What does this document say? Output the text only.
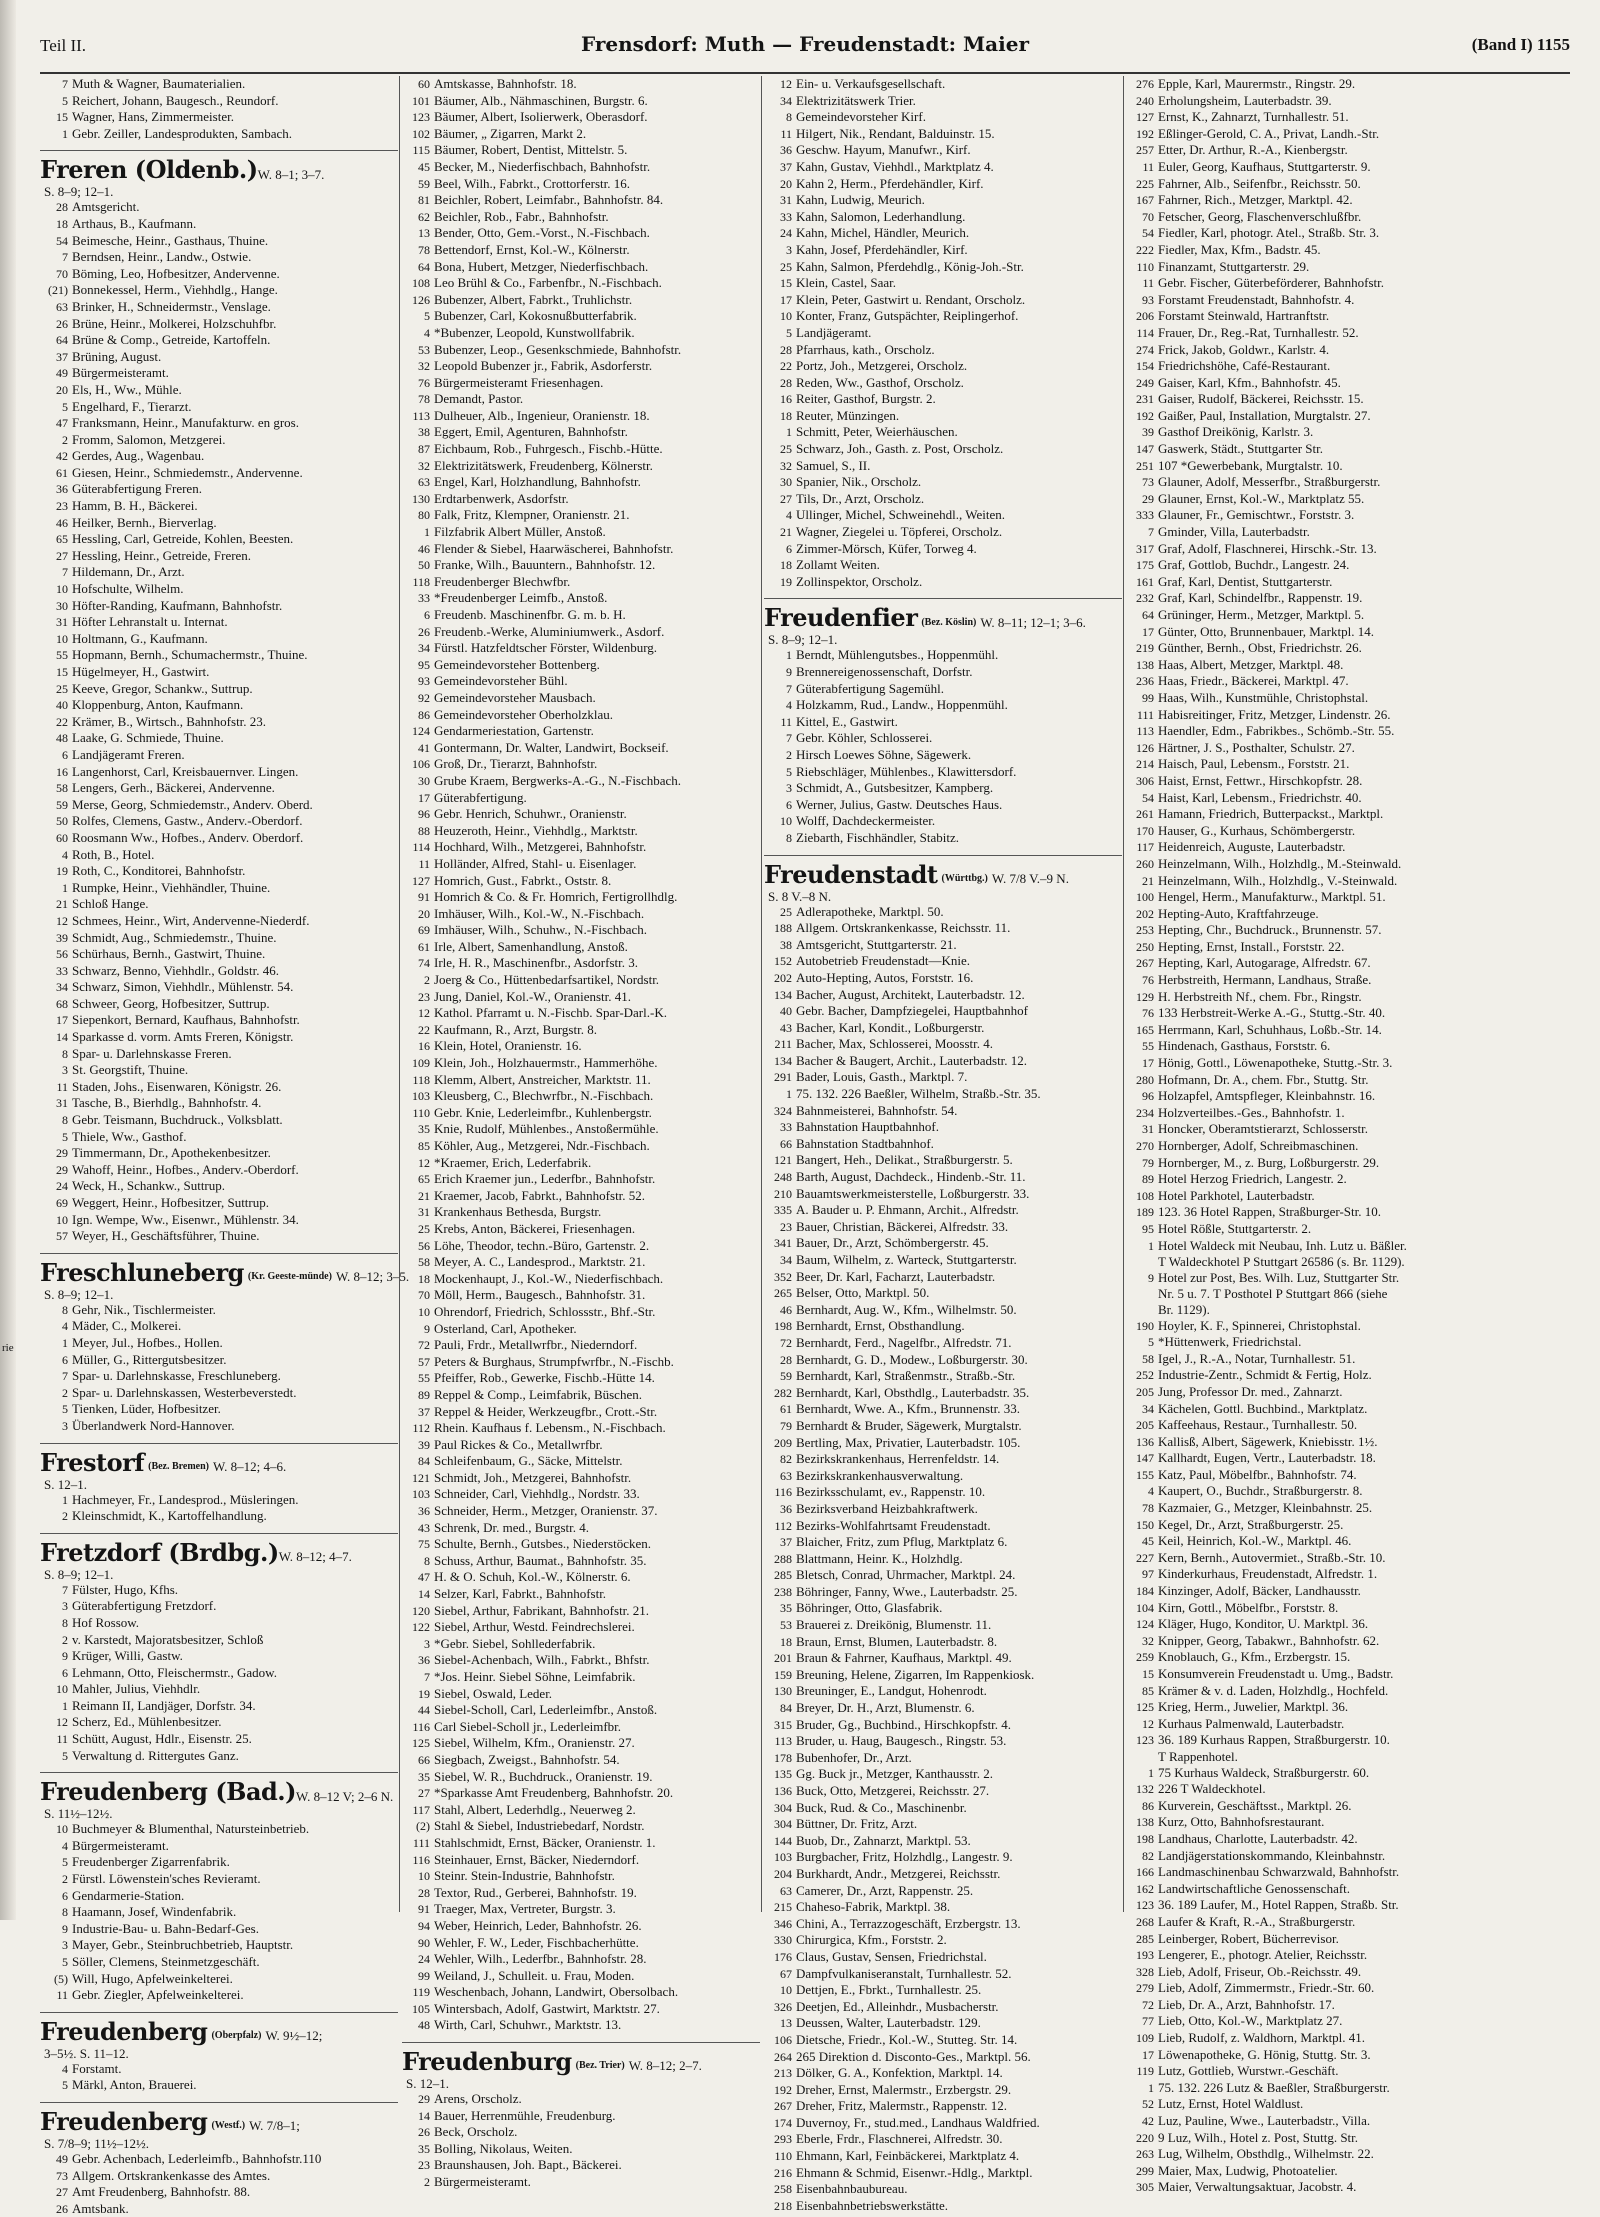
rie
Teil II.	Frensdorf: Muth — Freudenstadt: Maier	(Band I) 1155
7 Muth & Wagner, Baumaterialien.
5 Reichert, Johann, Baugesch., Reundorf.
15 Wagner, Hans, Zimmermeister.
1 Gebr. Zeiller, Landesprodukten, Sambach.
Freren (Oldenb.)W. 8–1; 3–7.
S. 8–9; 12–1.
28 Amtsgericht.
18 Arthaus, B., Kaufmann.
54 Beimesche, Heinr., Gasthaus, Thuine.
7 Berndsen, Heinr., Landw., Ostwie.
70 Böming, Leo, Hofbesitzer, Andervenne.
(21) Bonnekessel, Herm., Viehhdlg., Hange.
63 Brinker, H., Schneidermstr., Venslage.
26 Brüne, Heinr., Molkerei, Holzschuhfbr.
64 Brüne & Comp., Getreide, Kartoffeln.
37 Brüning, August.
49 Bürgermeisteramt.
20 Els, H., Ww., Mühle.
5 Engelhard, F., Tierarzt.
47 Franksmann, Heinr., Manufakturw. en gros.
2 Fromm, Salomon, Metzgerei.
42 Gerdes, Aug., Wagenbau.
61 Giesen, Heinr., Schmiedemstr., Andervenne.
36 Güterabfertigung Freren.
23 Hamm, B. H., Bäckerei.
46 Heilker, Bernh., Bierverlag.
65 Hessling, Carl, Getreide, Kohlen, Beesten.
27 Hessling, Heinr., Getreide, Freren.
7 Hildemann, Dr., Arzt.
10 Hofschulte, Wilhelm.
30 Höfter-Randing, Kaufmann, Bahnhofstr.
31 Höfter Lehranstalt u. Internat.
10 Holtmann, G., Kaufmann.
55 Hopmann, Bernh., Schumachermstr., Thuine.
15 Hügelmeyer, H., Gastwirt.
25 Keeve, Gregor, Schankw., Suttrup.
40 Kloppenburg, Anton, Kaufmann.
22 Krämer, B., Wirtsch., Bahnhofstr. 23.
48 Laake, G. Schmiede, Thuine.
6 Landjägeramt Freren.
16 Langenhorst, Carl, Kreisbauernver. Lingen.
58 Lengers, Gerh., Bäckerei, Andervenne.
59 Merse, Georg, Schmiedemstr., Anderv. Oberd.
50 Rolfes, Clemens, Gastw., Anderv.-Oberdorf.
60 Roosmann Ww., Hofbes., Anderv. Oberdorf.
4 Roth, B., Hotel.
19 Roth, C., Konditorei, Bahnhofstr.
1 Rumpke, Heinr., Viehhändler, Thuine.
21 Schloß Hange.
12 Schmees, Heinr., Wirt, Andervenne-Niederdf.
39 Schmidt, Aug., Schmiedemstr., Thuine.
56 Schürhaus, Bernh., Gastwirt, Thuine.
33 Schwarz, Benno, Viehhdlr., Goldstr. 46.
34 Schwarz, Simon, Viehhdlr., Mühlenstr. 54.
68 Schweer, Georg, Hofbesitzer, Suttrup.
17 Siepenkort, Bernard, Kaufhaus, Bahnhofstr.
14 Sparkasse d. vorm. Amts Freren, Königstr.
8 Spar- u. Darlehnskasse Freren.
3 St. Georgstift, Thuine.
11 Staden, Johs., Eisenwaren, Königstr. 26.
31 Tasche, B., Bierhdlg., Bahnhofstr. 4.
8 Gebr. Teismann, Buchdruck., Volksblatt.
5 Thiele, Ww., Gasthof.
29 Timmermann, Dr., Apothekenbesitzer.
29 Wahoff, Heinr., Hofbes., Anderv.-Oberdorf.
24 Weck, H., Schankw., Suttrup.
69 Weggert, Heinr., Hofbesitzer, Suttrup.
10 Ign. Wempe, Ww., Eisenwr., Mühlenstr. 34.
57 Weyer, H., Geschäftsführer, Thuine.
Freschluneberg (Kr. Geeste-münde) W. 8–12; 3–5.
S. 8–9; 12–1.
8 Gehr, Nik., Tischlermeister.
4 Mäder, C., Molkerei.
1 Meyer, Jul., Hofbes., Hollen.
6 Müller, G., Rittergutsbesitzer.
7 Spar- u. Darlehnskasse, Freschluneberg.
2 Spar- u. Darlehnskassen, Westerbeverstedt.
5 Tienken, Lüder, Hofbesitzer.
3 Überlandwerk Nord-Hannover.
Frestorf (Bez. Bremen) W. 8–12; 4–6.
S. 12–1.
1 Hachmeyer, Fr., Landesprod., Müsleringen.
2 Kleinschmidt, K., Kartoffelhandlung.
Fretzdorf (Brdbg.)W. 8–12; 4–7.
S. 8–9; 12–1.
7 Fülster, Hugo, Kfhs.
3 Güterabfertigung Fretzdorf.
8 Hof Rossow.
2 v. Karstedt, Majoratsbesitzer, Schloß
9 Krüger, Willi, Gastw.
6 Lehmann, Otto, Fleischermstr., Gadow.
10 Mahler, Julius, Viehhdlr.
1 Reimann II, Landjäger, Dorfstr. 34.
12 Scherz, Ed., Mühlenbesitzer.
11 Schütt, August, Hdlr., Eisenstr. 25.
5 Verwaltung d. Rittergutes Ganz.
Freudenberg (Bad.)W. 8–12 V; 2–6 N.
S. 11½–12½.
10 Buchmeyer & Blumenthal, Natursteinbetrieb.
4 Bürgermeisteramt.
5 Freudenberger Zigarrenfabrik.
2 Fürstl. Löwenstein'sches Revieramt.
6 Gendarmerie-Station.
8 Haamann, Josef, Windenfabrik.
9 Industrie-Bau- u. Bahn-Bedarf-Ges.
3 Mayer, Gebr., Steinbruchbetrieb, Hauptstr.
5 Söller, Clemens, Steinmetzgeschäft.
(5) Will, Hugo, Apfelweinkelterei.
11 Gebr. Ziegler, Apfelweinkelterei.
Freudenberg (Oberpfalz) W. 9½–12;
3–5½. S. 11–12.
4 Forstamt.
5 Märkl, Anton, Brauerei.
Freudenberg (Westf.) W. 7/8–1;
S. 7/8–9; 11½–12½.
49 Gebr. Achenbach, Lederleimfb., Bahnhofstr.110
73 Allgem. Ortskrankenkasse des Amtes.
27 Amt Freudenberg, Bahnhofstr. 88.
26 Amtsbank.
60 Amtskasse, Bahnhofstr. 18.
101 Bäumer, Alb., Nähmaschinen, Burgstr. 6.
123 Bäumer, Albert, Isolierwerk, Oberasdorf.
102 Bäumer, „ Zigarren, Markt 2.
115 Bäumer, Robert, Dentist, Mittelstr. 5.
45 Becker, M., Niederfischbach, Bahnhofstr.
59 Beel, Wilh., Fabrkt., Crottorferstr. 16.
81 Beichler, Robert, Leimfabr., Bahnhofstr. 84.
62 Beichler, Rob., Fabr., Bahnhofstr.
13 Bender, Otto, Gem.-Vorst., N.-Fischbach.
78 Bettendorf, Ernst, Kol.-W., Kölnerstr.
64 Bona, Hubert, Metzger, Niederfischbach.
108 Leo Brühl & Co., Farbenfbr., N.-Fischbach.
126 Bubenzer, Albert, Fabrkt., Truhlichstr.
5 Bubenzer, Carl, Kokosnußbutterfabrik.
4 *Bubenzer, Leopold, Kunstwollfabrik.
53 Bubenzer, Leop., Gesenkschmiede, Bahnhofstr.
32 Leopold Bubenzer jr., Fabrik, Asdorferstr.
76 Bürgermeisteramt Friesenhagen.
78 Demandt, Pastor.
113 Dulheuer, Alb., Ingenieur, Oranienstr. 18.
38 Eggert, Emil, Agenturen, Bahnhofstr.
87 Eichbaum, Rob., Fuhrgesch., Fischb.-Hütte.
32 Elektrizitätswerk, Freudenberg, Kölnerstr.
63 Engel, Karl, Holzhandlung, Bahnhofstr.
130 Erdtarbenwerk, Asdorfstr.
80 Falk, Fritz, Klempner, Oranienstr. 21.
1 Filzfabrik Albert Müller, Anstoß.
46 Flender & Siebel, Haarwäscherei, Bahnhofstr.
50 Franke, Wilh., Bauuntern., Bahnhofstr. 12.
118 Freudenberger Blechwfbr.
33 *Freudenberger Leimfb., Anstoß.
6 Freudenb. Maschinenfbr. G. m. b. H.
26 Freudenb.-Werke, Aluminiumwerk., Asdorf.
34 Fürstl. Hatzfeldtscher Förster, Wildenburg.
95 Gemeindevorsteher Bottenberg.
93 Gemeindevorsteher Bühl.
92 Gemeindevorsteher Mausbach.
86 Gemeindevorsteher Oberholzklau.
124 Gendarmeriestation, Gartenstr.
41 Gontermann, Dr. Walter, Landwirt, Bockseif.
106 Groß, Dr., Tierarzt, Bahnhofstr.
30 Grube Kraem, Bergwerks-A.-G., N.-Fischbach.
17 Güterabfertigung.
96 Gebr. Henrich, Schuhwr., Oranienstr.
88 Heuzeroth, Heinr., Viehhdlg., Marktstr.
114 Hochhard, Wilh., Metzgerei, Bahnhofstr.
11 Holländer, Alfred, Stahl- u. Eisenlager.
127 Homrich, Gust., Fabrkt., Oststr. 8.
91 Homrich & Co. & Fr. Homrich, Fertigrollhdlg.
20 Imhäuser, Wilh., Kol.-W., N.-Fischbach.
69 Imhäuser, Wilh., Schuhw., N.-Fischbach.
61 Irle, Albert, Samenhandlung, Anstoß.
74 Irle, H. R., Maschinenfbr., Asdorfstr. 3.
2 Joerg & Co., Hüttenbedarfsartikel, Nordstr.
23 Jung, Daniel, Kol.-W., Oranienstr. 41.
12 Kathol. Pfarramt u. N.-Fischb. Spar-Darl.-K.
22 Kaufmann, R., Arzt, Burgstr. 8.
16 Klein, Hotel, Oranienstr. 16.
109 Klein, Joh., Holzhauermstr., Hammerhöhe.
118 Klemm, Albert, Anstreicher, Marktstr. 11.
103 Kleusberg, C., Blechwrfbr., N.-Fischbach.
110 Gebr. Knie, Lederleimfbr., Kuhlenbergstr.
35 Knie, Rudolf, Mühlenbes., Anstoßermühle.
85 Köhler, Aug., Metzgerei, Ndr.-Fischbach.
12 *Kraemer, Erich, Lederfabrik.
65 Erich Kraemer jun., Lederfbr., Bahnhofstr.
21 Kraemer, Jacob, Fabrkt., Bahnhofstr. 52.
31 Krankenhaus Bethesda, Burgstr.
25 Krebs, Anton, Bäckerei, Friesenhagen.
56 Löhe, Theodor, techn.-Büro, Gartenstr. 2.
58 Meyer, A. C., Landesprod., Marktstr. 21.
18 Mockenhaupt, J., Kol.-W., Niederfischbach.
70 Möll, Herm., Baugesch., Bahnhofstr. 31.
10 Ohrendorf, Friedrich, Schlossstr., Bhf.-Str.
9 Osterland, Carl, Apotheker.
72 Pauli, Frdr., Metallwrfbr., Niederndorf.
57 Peters & Burghaus, Strumpfwrfbr., N.-Fischb.
55 Pfeiffer, Rob., Gewerke, Fischb.-Hütte 14.
89 Reppel & Comp., Leimfabrik, Büschen.
37 Reppel & Heider, Werkzeugfbr., Crott.-Str.
112 Rhein. Kaufhaus f. Lebensm., N.-Fischbach.
39 Paul Rickes & Co., Metallwrfbr.
84 Schleifenbaum, G., Säcke, Mittelstr.
121 Schmidt, Joh., Metzgerei, Bahnhofstr.
103 Schneider, Carl, Viehhdlg., Nordstr. 33.
36 Schneider, Herm., Metzger, Oranienstr. 37.
43 Schrenk, Dr. med., Burgstr. 4.
75 Schulte, Bernh., Gutsbes., Niederstöcken.
8 Schuss, Arthur, Baumat., Bahnhofstr. 35.
47 H. & O. Schuh, Kol.-W., Kölnerstr. 6.
14 Selzer, Karl, Fabrkt., Bahnhofstr.
120 Siebel, Arthur, Fabrikant, Bahnhofstr. 21.
122 Siebel, Arthur, Westd. Feindrechslerei.
3 *Gebr. Siebel, Sohllederfabrik.
36 Siebel-Achenbach, Wilh., Fabrkt., Bhfstr.
7 *Jos. Heinr. Siebel Söhne, Leimfabrik.
19 Siebel, Oswald, Leder.
44 Siebel-Scholl, Carl, Lederleimfbr., Anstoß.
116 Carl Siebel-Scholl jr., Lederleimfbr.
125 Siebel, Wilhelm, Kfm., Oranienstr. 27.
66 Siegbach, Zweigst., Bahnhofstr. 54.
35 Siebel, W. R., Buchdruck., Oranienstr. 19.
27 *Sparkasse Amt Freudenberg, Bahnhofstr. 20.
117 Stahl, Albert, Lederhdlg., Neuerweg 2.
(2) Stahl & Siebel, Industriebedarf, Nordstr.
111 Stahlschmidt, Ernst, Bäcker, Oranienstr. 1.
116 Steinhauer, Ernst, Bäcker, Niederndorf.
10 Steinr. Stein-Industrie, Bahnhofstr.
28 Textor, Rud., Gerberei, Bahnhofstr. 19.
91 Traeger, Max, Vertreter, Burgstr. 3.
94 Weber, Heinrich, Leder, Bahnhofstr. 26.
90 Wehler, F. W., Leder, Fischbacherhütte.
24 Wehler, Wilh., Lederfbr., Bahnhofstr. 28.
99 Weiland, J., Schulleit. u. Frau, Moden.
119 Weschenbach, Johann, Landwirt, Obersolbach.
105 Wintersbach, Adolf, Gastwirt, Marktstr. 27.
48 Wirth, Carl, Schuhwr., Marktstr. 13.
Freudenburg (Bez. Trier) W. 8–12; 2–7.
S. 12–1.
29 Arens, Orscholz.
14 Bauer, Herrenmühle, Freudenburg.
26 Beck, Orscholz.
35 Bolling, Nikolaus, Weiten.
23 Braunshausen, Joh. Bapt., Bäckerei.
2 Bürgermeisteramt.
12 Ein- u. Verkaufsgesellschaft.
34 Elektrizitätswerk Trier.
8 Gemeindevorsteher Kirf.
11 Hilgert, Nik., Rendant, Balduinstr. 15.
36 Geschw. Hayum, Manufwr., Kirf.
37 Kahn, Gustav, Viehhdl., Marktplatz 4.
20 Kahn 2, Herm., Pferdehändler, Kirf.
31 Kahn, Ludwig, Meurich.
33 Kahn, Salomon, Lederhandlung.
24 Kahn, Michel, Händler, Meurich.
3 Kahn, Josef, Pferdehändler, Kirf.
25 Kahn, Salmon, Pferdehdlg., König-Joh.-Str.
15 Klein, Castel, Saar.
17 Klein, Peter, Gastwirt u. Rendant, Orscholz.
10 Konter, Franz, Gutspächter, Reiplingerhof.
5 Landjägeramt.
28 Pfarrhaus, kath., Orscholz.
22 Portz, Joh., Metzgerei, Orscholz.
28 Reden, Ww., Gasthof, Orscholz.
16 Reiter, Gasthof, Burgstr. 2.
18 Reuter, Münzingen.
1 Schmitt, Peter, Weierhäuschen.
25 Schwarz, Joh., Gasth. z. Post, Orscholz.
32 Samuel, S., II.
30 Spanier, Nik., Orscholz.
27 Tils, Dr., Arzt, Orscholz.
4 Ullinger, Michel, Schweinehdl., Weiten.
21 Wagner, Ziegelei u. Töpferei, Orscholz.
6 Zimmer-Mörsch, Küfer, Torweg 4.
18 Zollamt Weiten.
19 Zollinspektor, Orscholz.
Freudenfier (Bez. Köslin) W. 8–11; 12–1; 3–6.
S. 8–9; 12–1.
1 Berndt, Mühlengutsbes., Hoppenmühl.
9 Brennereigenossenschaft, Dorfstr.
7 Güterabfertigung Sagemühl.
4 Holzkamm, Rud., Landw., Hoppenmühl.
11 Kittel, E., Gastwirt.
7 Gebr. Köhler, Schlosserei.
2 Hirsch Loewes Söhne, Sägewerk.
5 Riebschläger, Mühlenbes., Klawittersdorf.
3 Schmidt, A., Gutsbesitzer, Kampberg.
6 Werner, Julius, Gastw. Deutsches Haus.
10 Wolff, Dachdeckermeister.
8 Ziebarth, Fischhändler, Stabitz.
Freudenstadt (Württbg.) W. 7/8 V.–9 N.
S. 8 V.–8 N.
25 Adlerapotheke, Marktpl. 50.
188 Allgem. Ortskrankenkasse, Reichsstr. 11.
38 Amtsgericht, Stuttgarterstr. 21.
152 Autobetrieb Freudenstadt—Knie.
202 Auto-Hepting, Autos, Forststr. 16.
134 Bacher, August, Architekt, Lauterbadstr. 12.
40 Gebr. Bacher, Dampfziegelei, Hauptbahnhof
43 Bacher, Karl, Kondit., Loßburgerstr.
211 Bacher, Max, Schlosserei, Moosstr. 4.
134 Bacher & Baugert, Archit., Lauterbadstr. 12.
291 Bader, Louis, Gasth., Marktpl. 7.
1 75. 132. 226 Baeßler, Wilhelm, Straßb.-Str. 35.
324 Bahnmeisterei, Bahnhofstr. 54.
33 Bahnstation Hauptbahnhof.
66 Bahnstation Stadtbahnhof.
121 Bangert, Heh., Delikat., Straßburgerstr. 5.
248 Barth, August, Dachdeck., Hindenb.-Str. 11.
210 Bauamtswerkmeisterstelle, Loßburgerstr. 33.
335 A. Bauder u. P. Ehmann, Archit., Alfredstr.
23 Bauer, Christian, Bäckerei, Alfredstr. 33.
341 Bauer, Dr., Arzt, Schömbergerstr. 45.
34 Baum, Wilhelm, z. Warteck, Stuttgarterstr.
352 Beer, Dr. Karl, Facharzt, Lauterbadstr.
265 Belser, Otto, Marktpl. 50.
46 Bernhardt, Aug. W., Kfm., Wilhelmstr. 50.
198 Bernhardt, Ernst, Obsthandlung.
72 Bernhardt, Ferd., Nagelfbr., Alfredstr. 71.
28 Bernhardt, G. D., Modew., Loßburgerstr. 30.
59 Bernhardt, Karl, Straßenmstr., Straßb.-Str.
282 Bernhardt, Karl, Obsthdlg., Lauterbadstr. 35.
61 Bernhardt, Wwe. A., Kfm., Brunnenstr. 33.
79 Bernhardt & Bruder, Sägewerk, Murgtalstr.
209 Bertling, Max, Privatier, Lauterbadstr. 105.
82 Bezirkskrankenhaus, Herrenfeldstr. 14.
63 Bezirkskrankenhausverwaltung.
116 Bezirksschulamt, ev., Rappenstr. 10.
36 Bezirksverband Heizbahkraftwerk.
112 Bezirks-Wohlfahrtsamt Freudenstadt.
37 Blaicher, Fritz, zum Pflug, Marktplatz 6.
288 Blattmann, Heinr. K., Holzhdlg.
285 Bletsch, Conrad, Uhrmacher, Marktpl. 24.
238 Böhringer, Fanny, Wwe., Lauterbadstr. 25.
35 Böhringer, Otto, Glasfabrik.
53 Brauerei z. Dreikönig, Blumenstr. 11.
18 Braun, Ernst, Blumen, Lauterbadstr. 8.
201 Braun & Fahrner, Kaufhaus, Marktpl. 49.
159 Breuning, Helene, Zigarren, Im Rappenkiosk.
130 Breuninger, E., Landgut, Hohenrodt.
84 Breyer, Dr. H., Arzt, Blumenstr. 6.
315 Bruder, Gg., Buchbind., Hirschkopfstr. 4.
113 Bruder, u. Haug, Baugesch., Ringstr. 53.
178 Bubenhofer, Dr., Arzt.
135 Gg. Buck jr., Metzger, Kanthausstr. 2.
136 Buck, Otto, Metzgerei, Reichsstr. 27.
304 Buck, Rud. & Co., Maschinenbr.
304 Büttner, Dr. Fritz, Arzt.
144 Buob, Dr., Zahnarzt, Marktpl. 53.
103 Burgbacher, Fritz, Holzhdlg., Langestr. 9.
204 Burkhardt, Andr., Metzgerei, Reichsstr.
63 Camerer, Dr., Arzt, Rappenstr. 25.
215 Chaheso-Fabrik, Marktpl. 38.
346 Chini, A., Terrazzogeschäft, Erzbergstr. 13.
330 Chirurgica, Kfm., Forststr. 2.
176 Claus, Gustav, Sensen, Friedrichstal.
67 Dampfvulkaniseranstalt, Turnhallestr. 52.
10 Dettjen, E., Fbrkt., Turnhallestr. 25.
326 Deetjen, Ed., Alleinhdr., Musbacherstr.
13 Deussen, Walter, Lauterbadstr. 129.
106 Dietsche, Friedr., Kol.-W., Stutteg. Str. 14.
264 265 Direktion d. Disconto-Ges., Marktpl. 56.
213 Dölker, G. A., Konfektion, Marktpl. 14.
192 Dreher, Ernst, Malermstr., Erzbergstr. 29.
267 Dreher, Fritz, Malermstr., Rappenstr. 12.
174 Duvernoy, Fr., stud.med., Landhaus Waldfried.
293 Eberle, Frdr., Flaschnerei, Alfredstr. 30.
110 Ehmann, Karl, Feinbäckerei, Marktplatz 4.
216 Ehmann & Schmid, Eisenwr.-Hdlg., Marktpl.
258 Eisenbahnbaubureau.
218 Eisenbahnbetriebswerkstätte.
276 Epple, Karl, Maurermstr., Ringstr. 29.
240 Erholungsheim, Lauterbadstr. 39.
127 Ernst, K., Zahnarzt, Turnhallestr. 51.
192 Eßlinger-Gerold, C. A., Privat, Landh.-Str.
257 Etter, Dr. Arthur, R.-A., Kienbergstr.
11 Euler, Georg, Kaufhaus, Stuttgarterstr. 9.
225 Fahrner, Alb., Seifenfbr., Reichsstr. 50.
167 Fahrner, Rich., Metzger, Marktpl. 42.
70 Fetscher, Georg, Flaschenverschlußfbr.
54 Fiedler, Karl, photogr. Atel., Straßb. Str. 3.
222 Fiedler, Max, Kfm., Badstr. 45.
110 Finanzamt, Stuttgarterstr. 29.
11 Gebr. Fischer, Güterbeförderer, Bahnhofstr.
93 Forstamt Freudenstadt, Bahnhofstr. 4.
206 Forstamt Steinwald, Hartranftstr.
114 Frauer, Dr., Reg.-Rat, Turnhallestr. 52.
274 Frick, Jakob, Goldwr., Karlstr. 4.
154 Friedrichshöhe, Café-Restaurant.
249 Gaiser, Karl, Kfm., Bahnhofstr. 45.
231 Gaiser, Rudolf, Bäckerei, Reichsstr. 15.
192 Gaißer, Paul, Installation, Murgtalstr. 27.
39 Gasthof Dreikönig, Karlstr. 3.
147 Gaswerk, Städt., Stuttgarter Str.
251 107 *Gewerbebank, Murgtalstr. 10.
73 Glauner, Adolf, Messerfbr., Straßburgerstr.
29 Glauner, Ernst, Kol.-W., Marktplatz 55.
333 Glauner, Fr., Gemischtwr., Forststr. 3.
7 Gminder, Villa, Lauterbadstr.
317 Graf, Adolf, Flaschnerei, Hirschk.-Str. 13.
175 Graf, Gottlob, Buchdr., Langestr. 24.
161 Graf, Karl, Dentist, Stuttgarterstr.
232 Graf, Karl, Schindelfbr., Rappenstr. 19.
64 Grüninger, Herm., Metzger, Marktpl. 5.
17 Günter, Otto, Brunnenbauer, Marktpl. 14.
219 Günther, Bernh., Obst, Friedrichstr. 26.
138 Haas, Albert, Metzger, Marktpl. 48.
236 Haas, Friedr., Bäckerei, Marktpl. 47.
99 Haas, Wilh., Kunstmühle, Christophstal.
111 Habisreitinger, Fritz, Metzger, Lindenstr. 26.
113 Haendler, Edm., Fabrikbes., Schömb.-Str. 55.
126 Härtner, J. S., Posthalter, Schulstr. 27.
214 Haisch, Paul, Lebensm., Forststr. 21.
306 Haist, Ernst, Fettwr., Hirschkopfstr. 28.
54 Haist, Karl, Lebensm., Friedrichstr. 40.
261 Hamann, Friedrich, Butterpackst., Marktpl.
170 Hauser, G., Kurhaus, Schömbergerstr.
117 Heidenreich, Auguste, Lauterbadstr.
260 Heinzelmann, Wilh., Holzhdlg., M.-Steinwald.
21 Heinzelmann, Wilh., Holzhdlg., V.-Steinwald.
100 Hengel, Herm., Manufakturw., Marktpl. 51.
202 Hepting-Auto, Kraftfahrzeuge.
253 Hepting, Chr., Buchdruck., Brunnenstr. 57.
250 Hepting, Ernst, Install., Forststr. 22.
267 Hepting, Karl, Autogarage, Alfredstr. 67.
76 Herbstreith, Hermann, Landhaus, Straße.
129 H. Herbstreith Nf., chem. Fbr., Ringstr.
76 133 Herbstreit-Werke A.-G., Stuttg.-Str. 40.
165 Herrmann, Karl, Schuhhaus, Loßb.-Str. 14.
55 Hindenach, Gasthaus, Forststr. 6.
17 Hönig, Gottl., Löwenapotheke, Stuttg.-Str. 3.
280 Hofmann, Dr. A., chem. Fbr., Stuttg. Str.
96 Holzapfel, Amtspfleger, Kleinbahnstr. 16.
234 Holzverteilbes.-Ges., Bahnhofstr. 1.
31 Honcker, Oberamtstierarzt, Schlosserstr.
270 Hornberger, Adolf, Schreibmaschinen.
79 Hornberger, M., z. Burg, Loßburgerstr. 29.
89 Hotel Herzog Friedrich, Langestr. 2.
108 Hotel Parkhotel, Lauterbadstr.
189 123. 36 Hotel Rappen, Straßburger-Str. 10.
95 Hotel Rößle, Stuttgarterstr. 2.
1 Hotel Waldeck mit Neubau, Inh. Lutz u. Bäßler.
T Waldeckhotel P Stuttgart 26586 (s. Br. 1129).
9 Hotel zur Post, Bes. Wilh. Luz, Stuttgarter Str.
Nr. 5 u. 7. T Posthotel P Stuttgart 866 (siehe
Br. 1129).
190 Hoyler, K. F., Spinnerei, Christophstal.
5 *Hüttenwerk, Friedrichstal.
58 Igel, J., R.-A., Notar, Turnhallestr. 51.
252 Industrie-Zentr., Schmidt & Fertig, Holz.
205 Jung, Professor Dr. med., Zahnarzt.
34 Kächelen, Gottl. Buchbind., Marktplatz.
205 Kaffeehaus, Restaur., Turnhallestr. 50.
136 Kallisß, Albert, Sägewerk, Kniebisstr. 1½.
147 Kallhardt, Eugen, Vertr., Lauterbadstr. 18.
155 Katz, Paul, Möbelfbr., Bahnhofstr. 74.
4 Kaupert, O., Buchdr., Straßburgerstr. 8.
78 Kazmaier, G., Metzger, Kleinbahnstr. 25.
150 Kegel, Dr., Arzt, Straßburgerstr. 25.
45 Keil, Heinrich, Kol.-W., Marktpl. 46.
227 Kern, Bernh., Autovermiet., Straßb.-Str. 10.
97 Kinderkurhaus, Freudenstadt, Alfredstr. 1.
184 Kinzinger, Adolf, Bäcker, Landhausstr.
104 Kirn, Gottl., Möbelfbr., Forststr. 8.
124 Kläger, Hugo, Konditor, U. Marktpl. 36.
32 Knipper, Georg, Tabakwr., Bahnhofstr. 62.
259 Knoblauch, G., Kfm., Erzbergstr. 15.
15 Konsumverein Freudenstadt u. Umg., Badstr.
85 Krämer & v. d. Laden, Holzhdlg., Hochfeld.
125 Krieg, Herm., Juwelier, Marktpl. 36.
12 Kurhaus Palmenwald, Lauterbadstr.
123 36. 189 Kurhaus Rappen, Straßburgerstr. 10.
T Rappenhotel.
1 75 Kurhaus Waldeck, Straßburgerstr. 60.
132 226 T Waldeckhotel.
86 Kurverein, Geschäftsst., Marktpl. 26.
138 Kurz, Otto, Bahnhofsrestaurant.
198 Landhaus, Charlotte, Lauterbadstr. 42.
82 Landjägerstationskommando, Kleinbahnstr.
166 Landmaschinenbau Schwarzwald, Bahnhofstr.
162 Landwirtschaftliche Genossenschaft.
123 36. 189 Laufer, M., Hotel Rappen, Straßb. Str.
268 Laufer & Kraft, R.-A., Straßburgerstr.
285 Leinberger, Robert, Bücherrevisor.
193 Lengerer, E., photogr. Atelier, Reichsstr.
328 Lieb, Adolf, Friseur, Ob.-Reichsstr. 49.
279 Lieb, Adolf, Zimmermstr., Friedr.-Str. 60.
72 Lieb, Dr. A., Arzt, Bahnhofstr. 17.
77 Lieb, Otto, Kol.-W., Marktplatz 27.
109 Lieb, Rudolf, z. Waldhorn, Marktpl. 41.
17 Löwenapotheke, G. Hönig, Stuttg. Str. 3.
119 Lutz, Gottlieb, Wurstwr.-Geschäft.
1 75. 132. 226 Lutz & Baeßler, Straßburgerstr.
52 Lutz, Ernst, Hotel Waldlust.
42 Luz, Pauline, Wwe., Lauterbadstr., Villa.
220 9 Luz, Wilh., Hotel z. Post, Stuttg. Str.
263 Lug, Wilhelm, Obsthdlg., Wilhelmstr. 22.
299 Maier, Max, Ludwig, Photoatelier.
305 Maier, Verwaltungsaktuar, Jacobstr. 4.
